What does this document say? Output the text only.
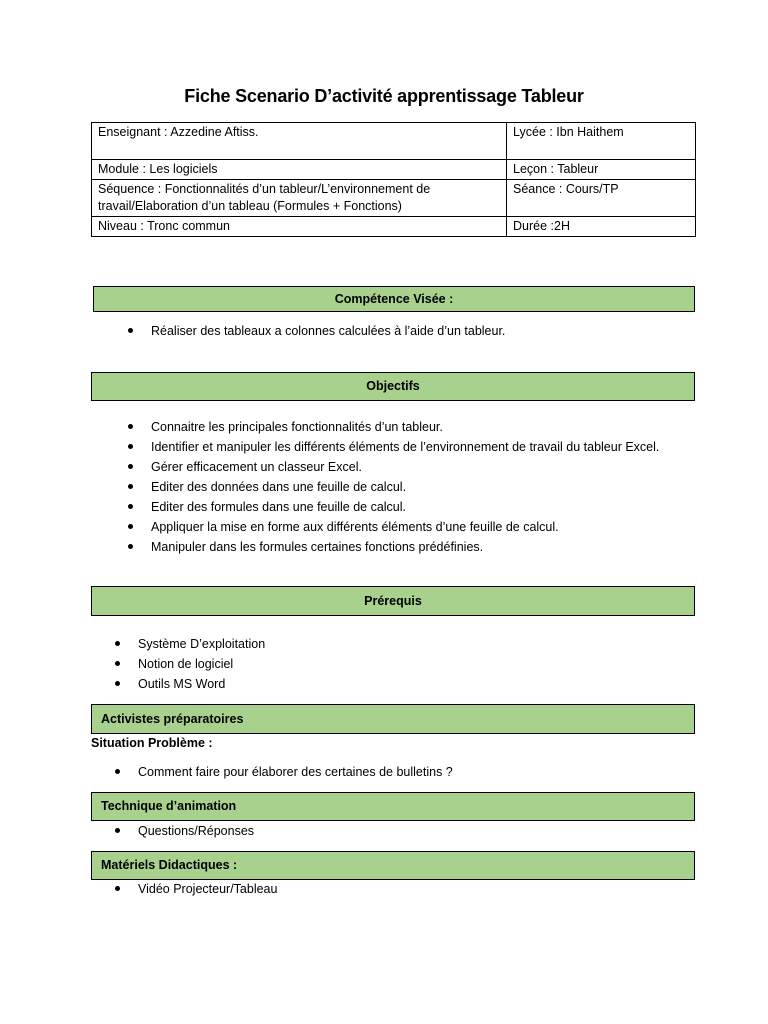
Fiche Scenario D’activité apprentissage Tableur
Enseignant : Azzedine Aftiss.	Lycée : Ibn Haithem
Module : Les logiciels	Leçon : Tableur
Séquence : Fonctionnalités d’un tableur/L’environnement de travail/Elaboration d’un tableau (Formules + Fonctions)	Séance : Cours/TP
Niveau : Tronc commun	Durée :2H
Compétence Visée :
Réaliser des tableaux a colonnes calculées à l’aide d’un tableur.
Objectifs
Connaitre les principales fonctionnalités d’un tableur.
Identifier et manipuler les différents éléments de l’environnement de travail du tableur Excel.
Gérer efficacement un classeur Excel.
Editer des données dans une feuille de calcul.
Editer des formules dans une feuille de calcul.
Appliquer la mise en forme aux différents éléments d’une feuille de calcul.
Manipuler dans les formules certaines fonctions prédéfinies.
Prérequis
Système D’exploitation
Notion de logiciel
Outils MS Word
Activistes préparatoires
Situation Problème :
Comment faire pour élaborer des certaines de bulletins ?
Technique d’animation
Questions/Réponses
Matériels Didactiques :
Vidéo Projecteur/Tableau
